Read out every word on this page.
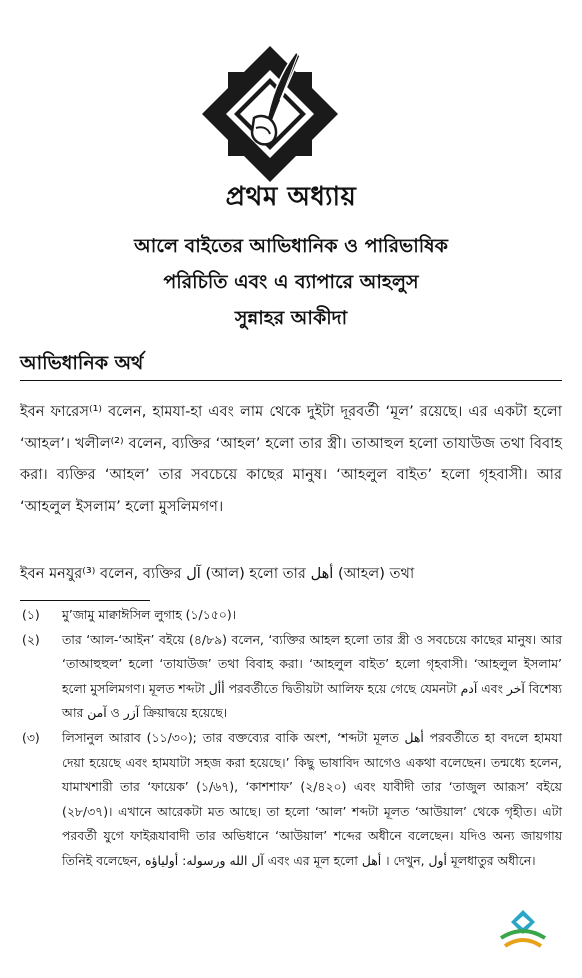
প্রথম অধ্যায়
আলে বাইতের আভিধানিক ও পারিভাষিক
পরিচিতি এবং এ ব্যাপারে আহলুস
সুন্নাহর আকীদা
আভিধানিক অর্থ
ইবন ফারেস⁽¹⁾ বলেন, হামযা-হা এবং লাম থেকে দুইটা দূরবর্তী ‘মূল’ রয়েছে। এর একটা হলো ‘আহল’। খলীল⁽²⁾ বলেন, ব্যক্তির ‘আহল’ হলো তার স্ত্রী। তাআহুল হলো তাযাউজ তথা বিবাহ করা। ব্যক্তির ‘আহল’ তার সবচেয়ে কাছের মানুষ। ‘আহলুল বাইত’ হলো গৃহবাসী। আর ‘আহলুল ইসলাম’ হলো মুসলিমগণ।
ইবন মনযুর⁽³⁾ বলেন, ব্যক্তির آل (আল) হলো তার أهل (আহল) তথা
(১)	মু’জামু মাক্বাঈসিল লুগাহ (১/১৫০)।
(২)	তার ‘আল-‘আইন’ বইয়ে (৪/৮৯) বলেন, ‘ব্যক্তির আহল হলো তার স্ত্রী ও সবচেয়ে কাছের মানুষ। আর ‘তাআহুহুল’ হলো ‘তাযাউজ’ তথা বিবাহ করা। ‘আহলুল বাইত’ হলো গৃহবাসী। ‘আহলুল ইসলাম’ হলো মুসলিমগণ। মূলত শব্দটা أأل পরবর্তীতে দ্বিতীয়টা আলিফ হয়ে গেছে যেমনটা آدم এবং آخر বিশেষ্য আর آمن ও آزر ক্রিয়াদ্বয়ে হয়েছে।
(৩)	লিসানুল আরাব (১১/৩০); তার বক্তব্যের বাকি অংশ, ‘শব্দটা মূলত أهل পরবর্তীতে হা বদলে হামযা দেয়া হয়েছে এবং হামযাটা সহজ করা হয়েছে।’ কিছু ভাষাবিদ আগেও একথা বলেছেন। তন্মধ্যে হলেন, যামাখশারী তার ‘ফায়েক’ (১/৬৭), ‘কাশশাফ’ (২/৪২০) এবং যাবীদী তার ‘তাজুল আরূস’ বইয়ে (২৮/৩৭)। এখানে আরেকটা মত আছে। তা হলো ‘আল’ শব্দটা মূলত ‘আউয়াল’ থেকে গৃহীত। এটা পরবর্তী যুগে ফাইরূযাবাদী তার অভিধানে ‘আউয়াল’ শব্দের অধীনে বলেছেন। যদিও অন্য জায়গায় তিনিই বলেছেন, آل الله ورسوله: أولياؤه এবং এর মূল হলো أهل । দেখুন, أول মূলধাতুর অধীনে।
